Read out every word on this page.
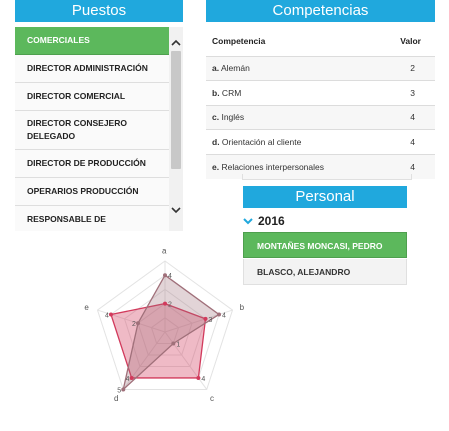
Puestos
COMERCIALES
DIRECTOR ADMINISTRACIÓN
DIRECTOR COMERCIAL
DIRECTOR CONSEJERO DELEGADO
DIRECTOR DE PRODUCCIÓN
OPERARIOS PRODUCCIÓN
RESPONSABLE DE
Competencias
Competencia	Valor
a. Alemán	2
b. CRM	3
c. Inglés	4
d. Orientación al cliente	4
e. Relaciones interpersonales	4
Personal
2016
MONTAÑES MONCASI, PEDRO
BLASCO, ALEJANDRO
2
3
4
4
4
4
4
1
5
2
a
b
c
d
e
